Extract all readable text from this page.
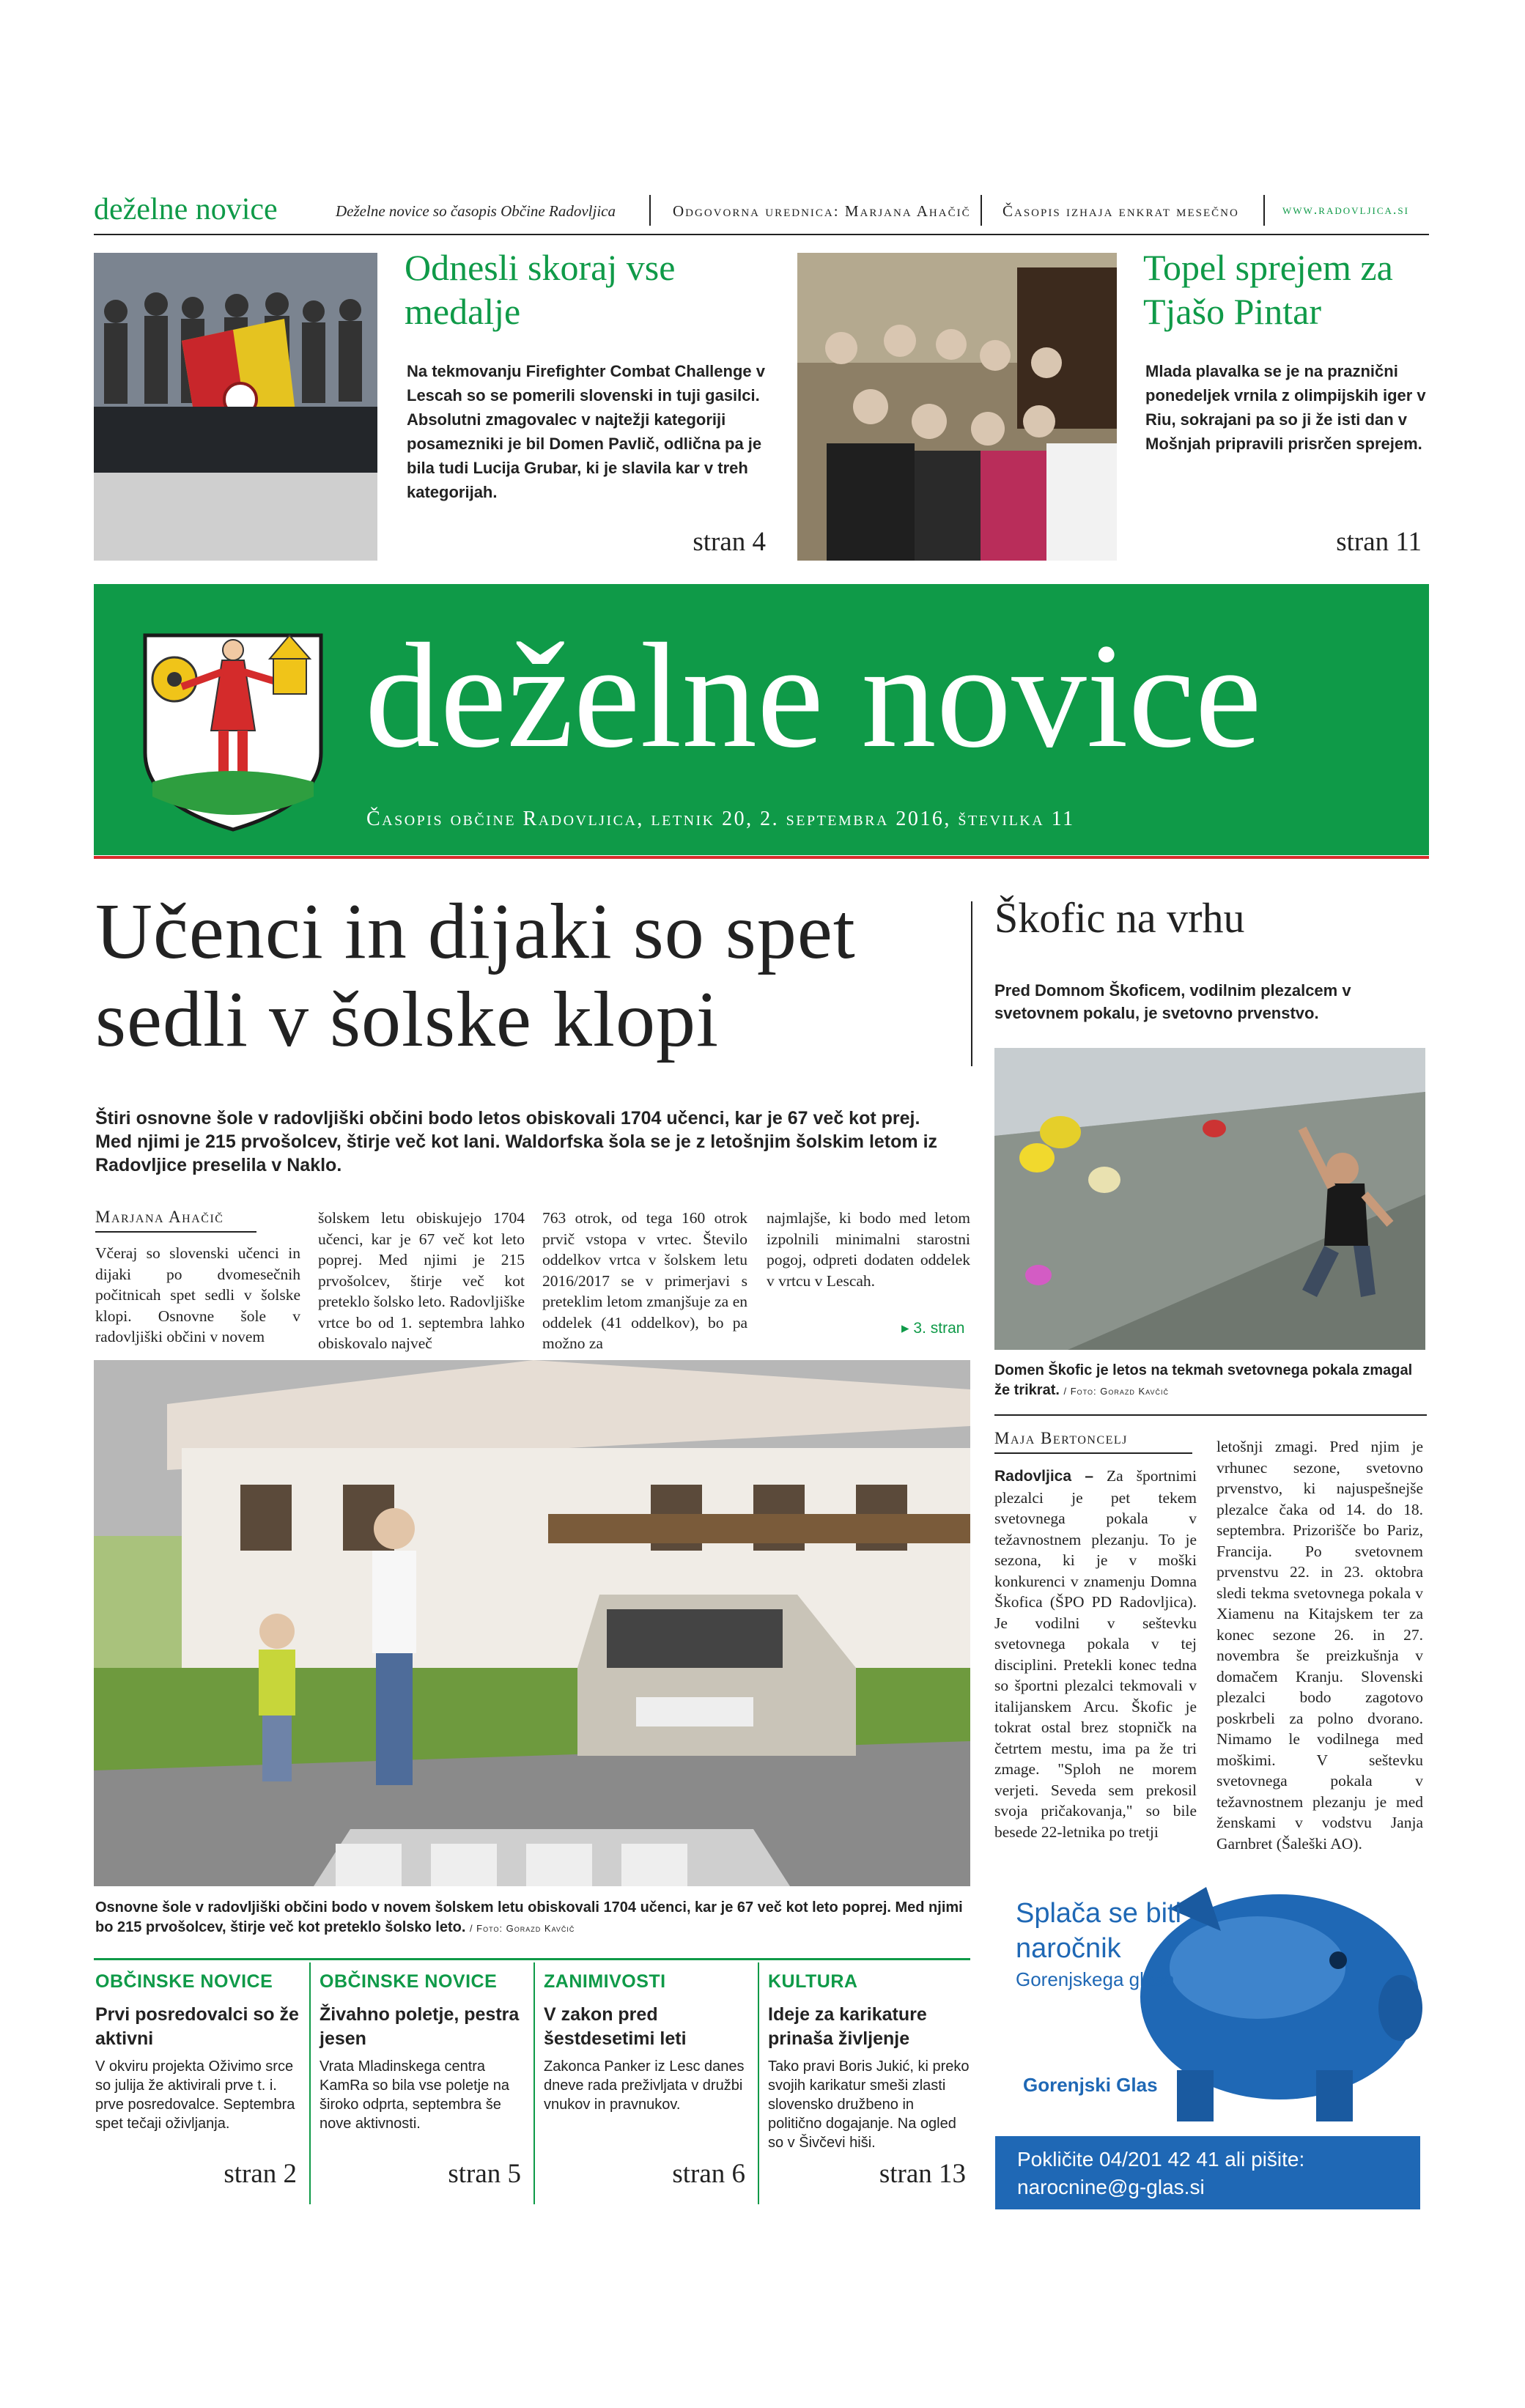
deželne novice	Deželne novice so časopis Občine Radovljica	Odgovorna urednica: Marjana Ahačič Časopis izhaja enkrat mesečno	www.radovljica.si
Odnesli skoraj vse medalje
Na tekmovanju Firefighter Combat Challenge v Lescah so se pomerili slovenski in tuji gasilci. Absolutni zmagovalec v najtežji kategoriji posamezniki je bil Domen Pavlič, odlična pa je bila tudi Lucija Grubar, ki je slavila kar v treh kategorijah.
stran 4
Topel sprejem za Tjašo Pintar
Mlada plavalka se je na praznični ponedeljek vrnila z olimpijskih iger v Riu, sokrajani pa so ji že isti dan v Mošnjah pripravili prisrčen sprejem.
stran 11
deželne novice
Časopis občine Radovljica, letnik 20, 2. septembra 2016, številka 11
Učenci in dijaki so spet sedli v šolske klopi
Štiri osnovne šole v radovljiški občini bodo letos obiskovali 1704 učenci, kar je 67 več kot prej. Med njimi je 215 prvošolcev, štirje več kot lani. Waldorfska šola se je z letošnjim šolskim letom iz Radovljice preselila v Naklo.
Marjana Ahačič
Včeraj so slovenski učenci in dijaki po dvomesečnih počitnicah spet sedli v šolske klopi. Osnovne šole v radovljiški občini v novem
šolskem letu obiskujejo 1704 učenci, kar je 67 več kot leto poprej. Med njimi je 215 prvošolcev, štirje več kot preteklo šolsko leto. Radovljiške vrtce bo od 1. septembra lahko obiskovalo največ
763 otrok, od tega 160 otrok prvič vstopa v vrtec. Število oddelkov vrtca v šolskem letu 2016/2017 se v primerjavi s preteklim letom zmanjšuje za en oddelek (41 oddelkov), bo pa možno za
najmlajše, ki bodo med letom izpolnili minimalni starostni pogoj, odpreti dodaten oddelek v vrtcu v Lescah.
▸ 3. stran
Osnovne šole v radovljiški občini bodo v novem šolskem letu obiskovali 1704 učenci, kar je 67 več kot leto poprej. Med njimi bo 215 prvošolcev, štirje več kot preteklo šolsko leto. / Foto: Gorazd Kavčič
Škofic na vrhu
Pred Domnom Škoficem, vodilnim plezalcem v svetovnem pokalu, je svetovno prvenstvo.
Domen Škofic je letos na tekmah svetovnega pokala zmagal že trikrat. / Foto: Gorazd Kavčič
Maja Bertoncelj
Radovljica – Za športnimi plezalci je pet tekem svetovnega pokala v težavnostnem plezanju. To je sezona, ki je v moški konkurenci v znamenju Domna Škofica (ŠPO PD Radovljica). Je vodilni v seštevku svetovnega pokala v tej disciplini. Pretekli konec tedna so športni plezalci tekmovali v italijanskem Arcu. Škofic je tokrat ostal brez stopničk na četrtem mestu, ima pa že tri zmage. "Sploh ne morem verjeti. Seveda sem prekosil svoja pričakovanja," so bile besede 22-letnika po tretji
letošnji zmagi. Pred njim je vrhunec sezone, svetovno prvenstvo, ki najuspešnejše plezalce čaka od 14. do 18. septembra. Prizorišče bo Pariz, Francija. Po svetovnem prvenstvu 22. in 23. oktobra sledi tekma svetovnega pokala v Xiamenu na Kitajskem ter za konec sezone 26. in 27. novembra še preizkušnja v domačem Kranju. Slovenski plezalci bodo zagotovo poskrbeli za polno dvorano. Nimamo le vodilnega med moškimi. V seštevku svetovnega pokala v težavnostnem plezanju je med ženskami v vodstvu Janja Garnbret (Šaleški AO).
OBČINSKE NOVICE
Prvi posredovalci so že aktivni
V okviru projekta Oživimo srce so julija že aktivirali prve t. i. prve posredovalce. Septembra spet tečaji oživljanja.
stran 2
OBČINSKE NOVICE
Živahno poletje, pestra jesen
Vrata Mladinskega centra KamRa so bila vse poletje na široko odprta, septembra še nove aktivnosti.
stran 5
ZANIMIVOSTI
V zakon pred šestdesetimi leti
Zakonca Panker iz Lesc danes dneve rada preživljata v družbi vnukov in pravnukov.
stran 6
KULTURA
Ideje za karikature prinaša življenje
Tako pravi Boris Jukić, ki preko svojih karikatur smeši zlasti slovensko družbeno in politično dogajanje. Na ogled so v Šivčevi hiši.
stran 13
Splača se biti
naročnik
Gorenjskega glasa
Gorenjski Glas
Pokličite 04/201 42 41 ali pišite:
narocnine@g-glas.si
